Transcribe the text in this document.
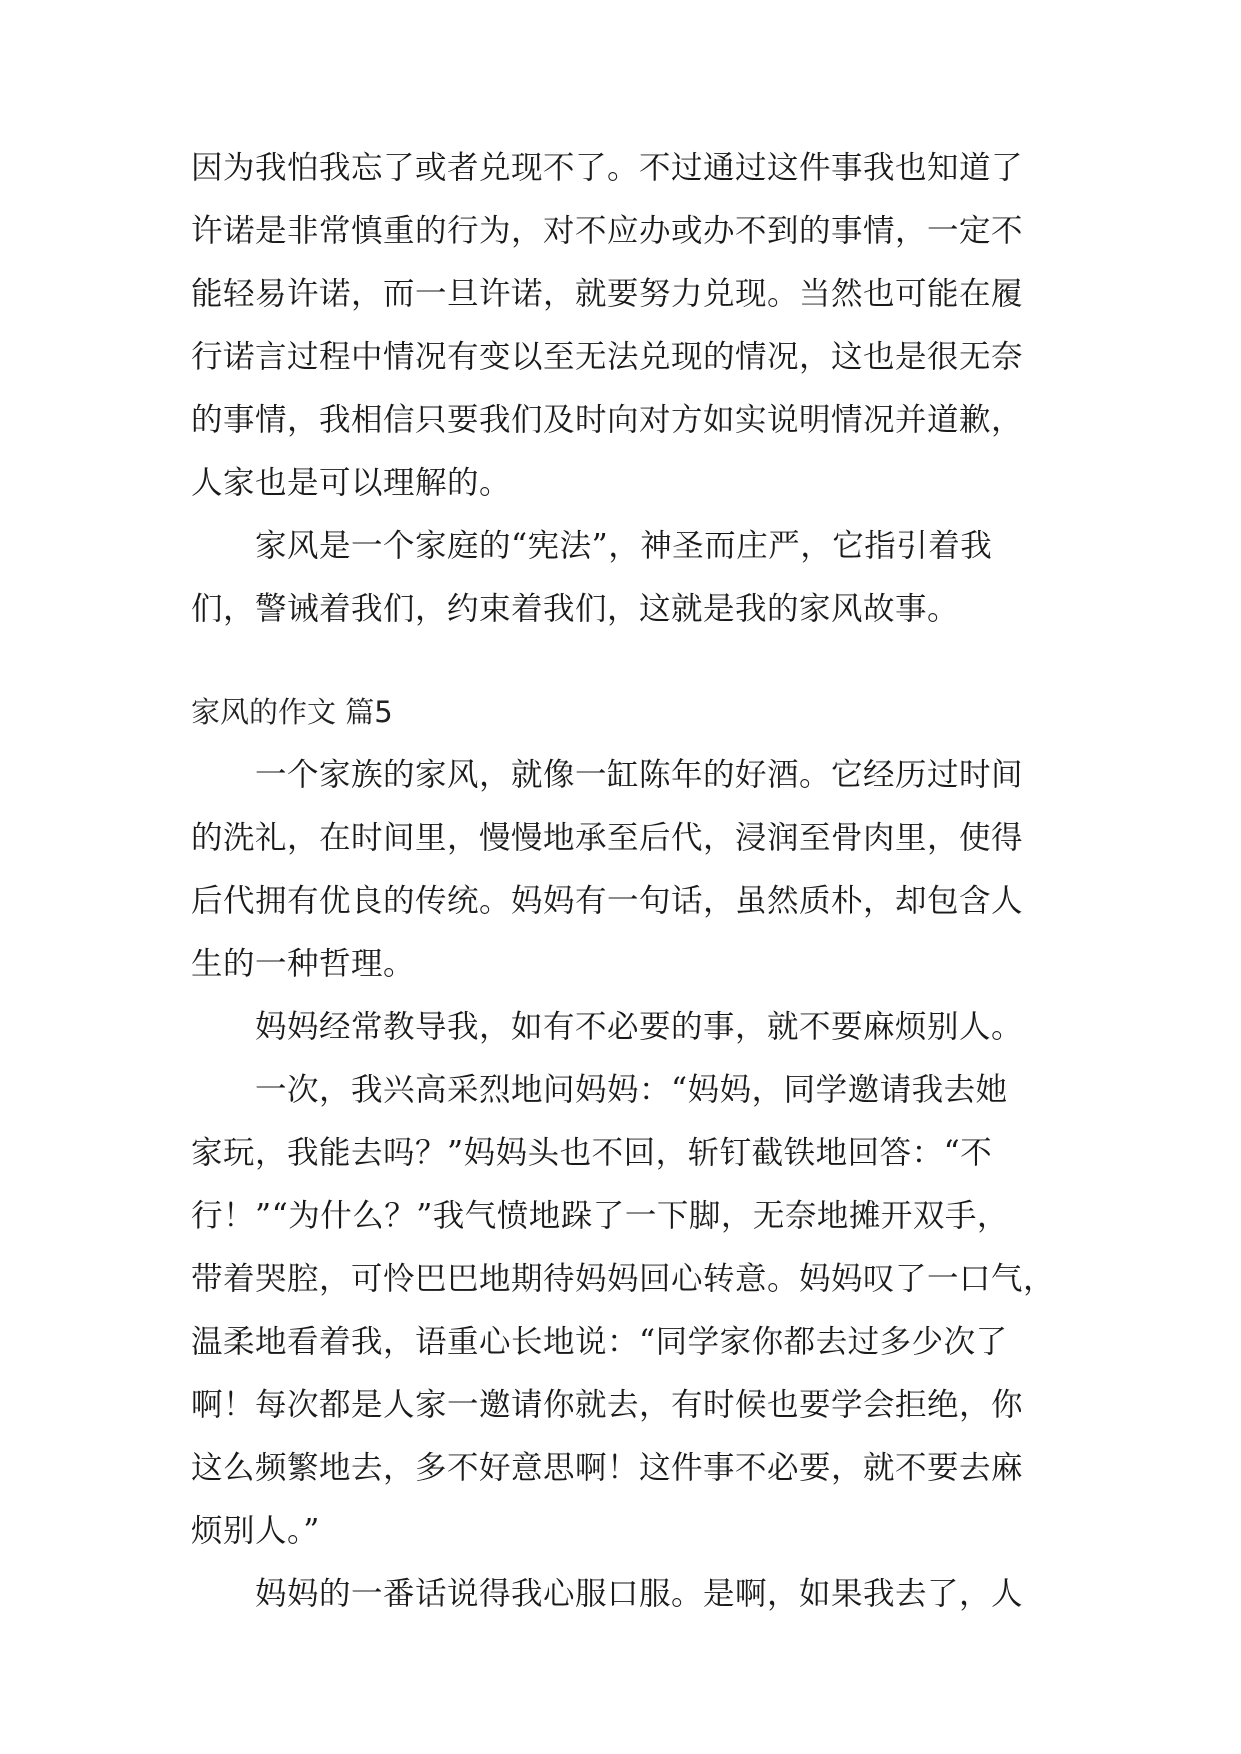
因为我怕我忘了或者兑现不了。不过通过这件事我也知道了
许诺是非常慎重的行为，对不应办或办不到的事情，一定不
能轻易许诺，而一旦许诺，就要努力兑现。当然也可能在履
行诺言过程中情况有变以至无法兑现的情况，这也是很无奈
的事情，我相信只要我们及时向对方如实说明情况并道歉，
人家也是可以理解的。
家风是一个家庭的“宪法”，神圣而庄严，它指引着我
们，警诫着我们，约束着我们，这就是我的家风故事。
家风的作文 篇5
一个家族的家风，就像一缸陈年的好酒。它经历过时间
的洗礼，在时间里，慢慢地承至后代，浸润至骨肉里，使得
后代拥有优良的传统。妈妈有一句话，虽然质朴，却包含人
生的一种哲理。
妈妈经常教导我，如有不必要的事，就不要麻烦别人。
一次，我兴高采烈地问妈妈：“妈妈，同学邀请我去她
家玩，我能去吗？”妈妈头也不回，斩钉截铁地回答：“不
行！”“为什么？”我气愤地跺了一下脚，无奈地摊开双手，
带着哭腔，可怜巴巴地期待妈妈回心转意。妈妈叹了一口气，
温柔地看着我，语重心长地说：“同学家你都去过多少次了
啊！每次都是人家一邀请你就去，有时候也要学会拒绝，你
这么频繁地去，多不好意思啊！这件事不必要，就不要去麻
烦别人。”
妈妈的一番话说得我心服口服。是啊，如果我去了，人
